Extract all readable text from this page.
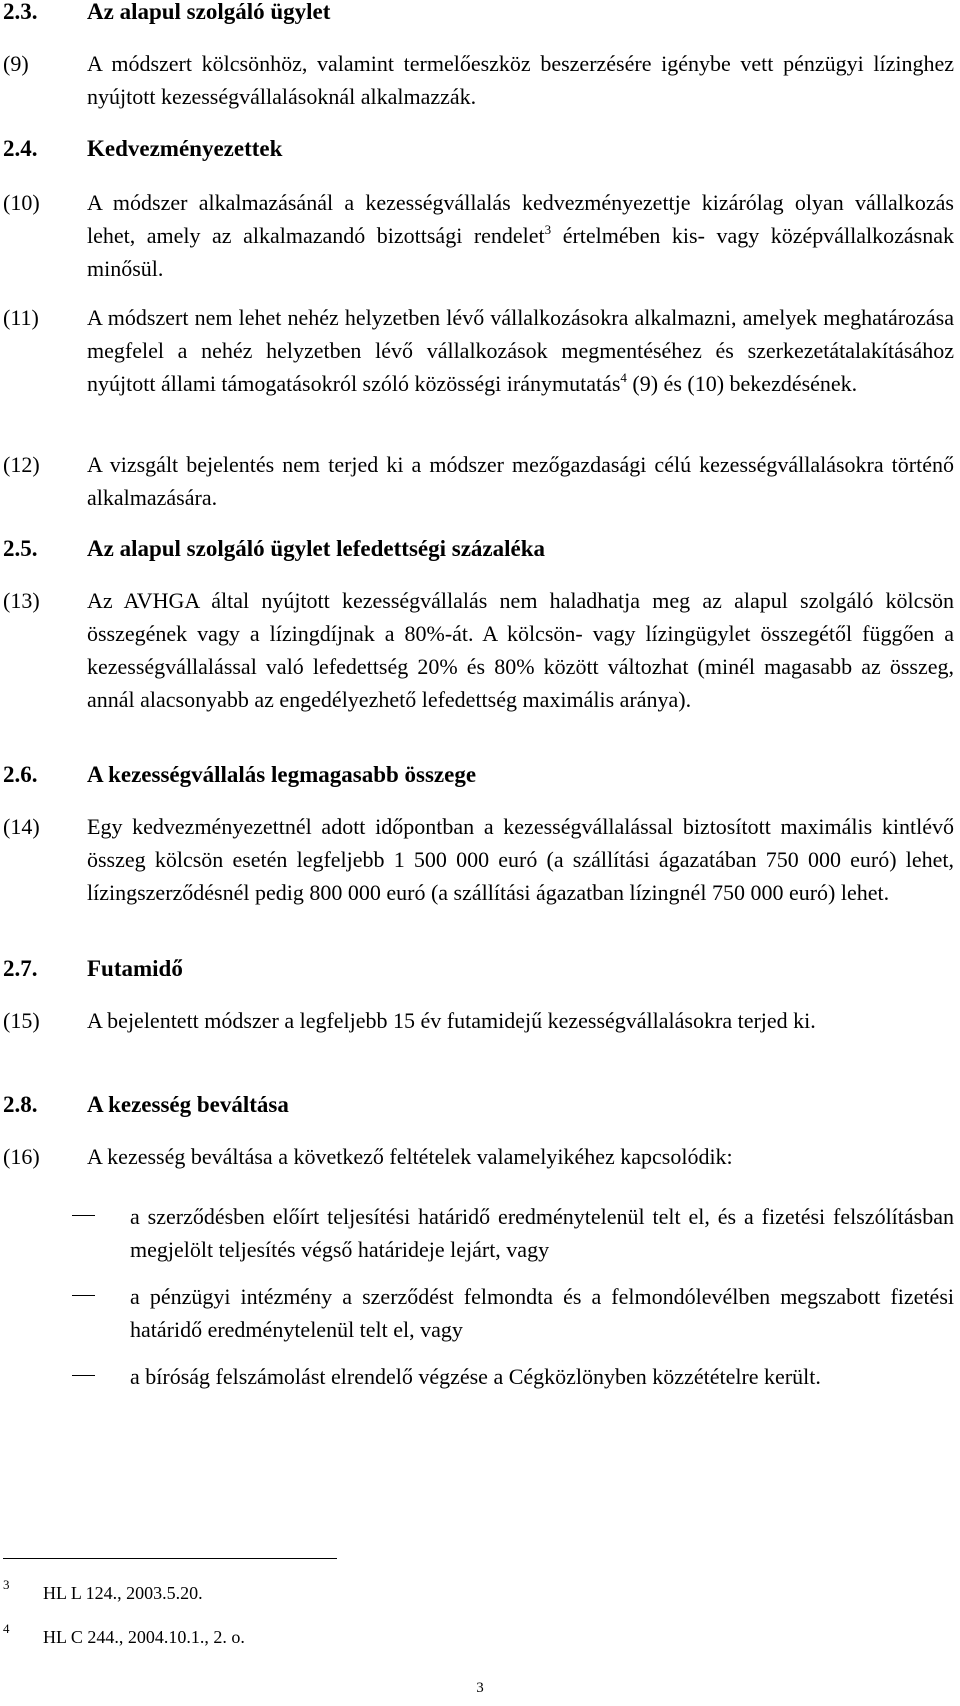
2.3. Az alapul szolgáló ügylet
(9)	A módszert kölcsönhöz, valamint termelőeszköz beszerzésére igénybe vett pénzügyi lízinghez nyújtott kezességvállalásoknál alkalmazzák.
2.4. Kedvezményezettek
(10) A módszer alkalmazásánál a kezességvállalás kedvezményezettje kizárólag olyan vállalkozás lehet, amely az alkalmazandó bizottsági rendelet$^3$ értelmében kis- vagy középvállalkozásnak minősül.
(11) A módszert nem lehet nehéz helyzetben lévő vállalkozásokra alkalmazni, amelyek meghatározása megfelel a nehéz helyzetben lévő vállalkozások megmentéséhez és szerkezetátalakításához nyújtott állami támogatásokról szóló közösségi iránymutatás$^4$ (9) és (10) bekezdésének.
(12) A vizsgált bejelentés nem terjed ki a módszer mezőgazdasági célú kezességvállalásokra történő alkalmazására.
2.5. Az alapul szolgáló ügylet lefedettségi százaléka
(13) Az AVHGA által nyújtott kezességvállalás nem haladhatja meg az alapul szolgáló kölcsön összegének vagy a lízingdíjnak a 80%-át. A kölcsön- vagy lízingügylet összegétől függően a kezességvállalással való lefedettség 20% és 80% között változhat (minél magasabb az összeg, annál alacsonyabb az engedélyezhető lefedettség maximális aránya).
2.6. A kezességvállalás legmagasabb összege
(14) Egy kedvezményezettnél adott időpontban a kezességvállalással biztosított maximális kintlévő összeg kölcsön esetén legfeljebb 1 500 000 euró (a szállítási ágazatában 750 000 euró) lehet, lízingszerződésnél pedig 800 000 euró (a szállítási ágazatban lízingnél 750 000 euró) lehet.
2.7. Futamidő
(15) A bejelentett módszer a legfeljebb 15 év futamidejű kezességvállalásokra terjed ki.
2.8. A kezesség beváltása
(16) A kezesség beváltása a következő feltételek valamelyikéhez kapcsolódik:
a szerződésben előírt teljesítési határidő eredménytelenül telt el, és a fizetési felszólításban megjelölt teljesítés végső határideje lejárt, vagy
a pénzügyi intézmény a szerződést felmondta és a felmondólevélben megszabott fizetési határidő eredménytelenül telt el, vagy
a bíróság felszámolást elrendelő végzése a Cégközlönyben közzétételre került.
3 HL L 124., 2003.5.20.
4 HL C 244., 2004.10.1., 2. o.
3
